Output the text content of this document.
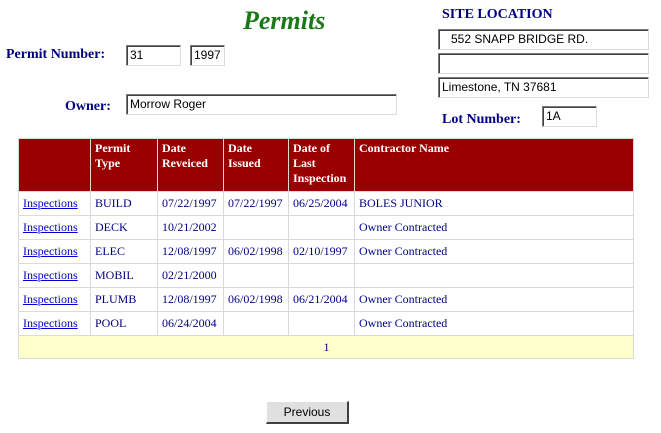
Permits
Permit Number:	31	1997
Owner:	Morrow Roger
SITE LOCATION
552 SNAPP BRIDGE RD.
Limestone, TN 37681
Lot Number:	1A
	Permit Type	Date Reveiced	Date Issued	Date of Last Inspection	Contractor Name
Inspections	BUILD	07/22/1997	07/22/1997	06/25/2004	BOLES JUNIOR
Inspections	DECK	10/21/2002			Owner Contracted
Inspections	ELEC	12/08/1997	06/02/1998	02/10/1997	Owner Contracted
Inspections	MOBIL	02/21/2000			
Inspections	PLUMB	12/08/1997	06/02/1998	06/21/2004	Owner Contracted
Inspections	POOL	06/24/2004			Owner Contracted
1					
Previous
